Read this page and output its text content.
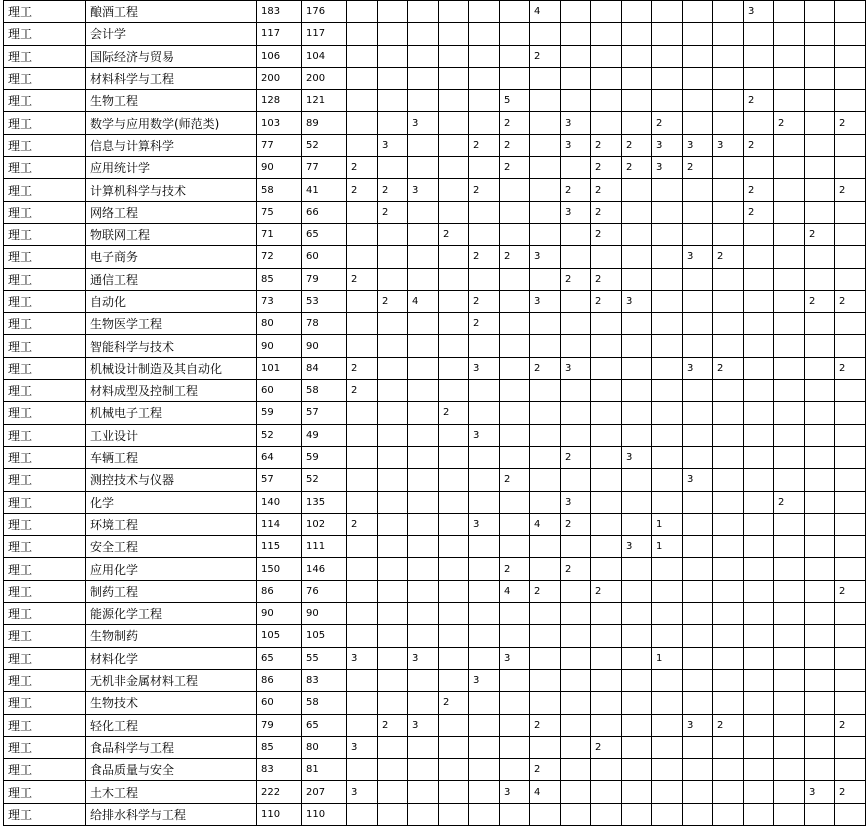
理工	酿酒工程	183	176							4							3			
理工	会计学	117	117																	
理工	国际经济与贸易	106	104							2										
理工	材料科学与工程	200	200																	
理工	生物工程	128	121						5								2			
理工	数学与应用数学(师范类)	103	89			3			2		3			2				2		2
理工	信息与计算科学	77	52		3			2	2		3	2	2	3	3	3	2			
理工	应用统计学	90	77	2					2			2	2	3	2					
理工	计算机科学与技术	58	41	2	2	3		2			2	2					2			2
理工	网络工程	75	66		2						3	2					2			
理工	物联网工程	71	65				2					2							2	
理工	电子商务	72	60					2	2	3					3	2				
理工	通信工程	85	79	2							2	2								
理工	自动化	73	53		2	4		2		3		2	3						2	2
理工	生物医学工程	80	78					2												
理工	智能科学与技术	90	90																	
理工	机械设计制造及其自动化	101	84	2				3		2	3				3	2				2
理工	材料成型及控制工程	60	58	2																
理工	机械电子工程	59	57				2													
理工	工业设计	52	49					3												
理工	车辆工程	64	59								2		3							
理工	测控技术与仪器	57	52						2						3					
理工	化学	140	135								3							2		
理工	环境工程	114	102	2				3		4	2			1						
理工	安全工程	115	111										3	1						
理工	应用化学	150	146						2		2									
理工	制药工程	86	76						4	2		2								2
理工	能源化学工程	90	90																	
理工	生物制药	105	105																	
理工	材料化学	65	55	3		3			3					1						
理工	无机非金属材料工程	86	83					3												
理工	生物技术	60	58				2													
理工	轻化工程	79	65		2	3				2					3	2				2
理工	食品科学与工程	85	80	3								2								
理工	食品质量与安全	83	81							2										
理工	土木工程	222	207	3					3	4									3	2
理工	给排水科学与工程	110	110																	
